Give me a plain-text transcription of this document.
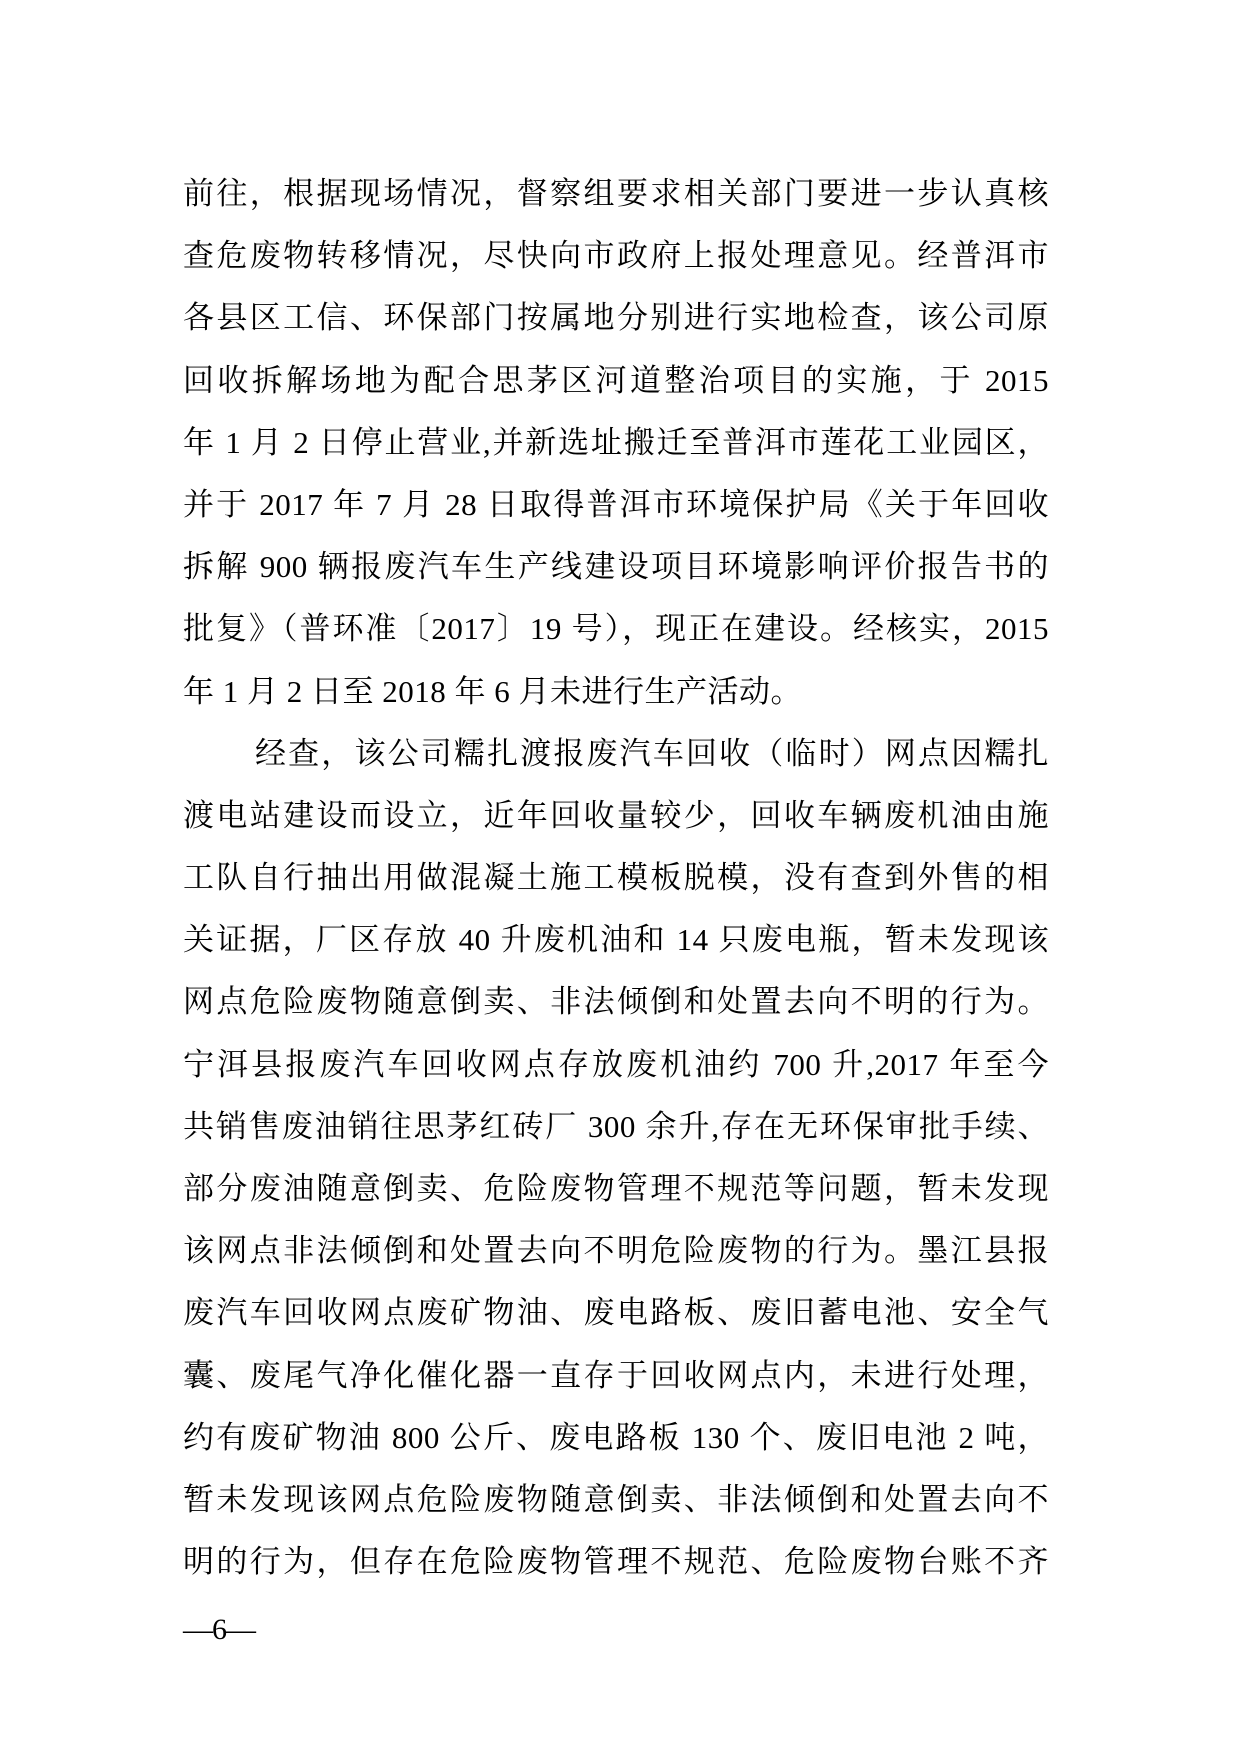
前往，根据现场情况，督察组要求相关部门要进一步认真核
查危废物转移情况，尽快向市政府上报处理意见。经普洱市
各县区工信、环保部门按属地分别进行实地检查，该公司原
回收拆解场地为配合思茅区河道整治项目的实施，于 2015
年 1 月 2 日停止营业,并新选址搬迁至普洱市莲花工业园区，
并于 2017 年 7 月 28 日取得普洱市环境保护局《关于年回收
拆解 900 辆报废汽车生产线建设项目环境影响评价报告书的
批复》（普环准〔2017〕19 号），现正在建设。经核实，2015
年 1 月 2 日至 2018 年 6 月未进行生产活动。
经查，该公司糯扎渡报废汽车回收（临时）网点因糯扎
渡电站建设而设立，近年回收量较少，回收车辆废机油由施
工队自行抽出用做混凝土施工模板脱模，没有查到外售的相
关证据，厂区存放 40 升废机油和 14 只废电瓶，暂未发现该
网点危险废物随意倒卖、非法倾倒和处置去向不明的行为。
宁洱县报废汽车回收网点存放废机油约 700 升,2017 年至今
共销售废油销往思茅红砖厂 300 余升,存在无环保审批手续、
部分废油随意倒卖、危险废物管理不规范等问题，暂未发现
该网点非法倾倒和处置去向不明危险废物的行为。墨江县报
废汽车回收网点废矿物油、废电路板、废旧蓄电池、安全气
囊、废尾气净化催化器一直存于回收网点内，未进行处理，
约有废矿物油 800 公斤、废电路板 130 个、废旧电池 2 吨，
暂未发现该网点危险废物随意倒卖、非法倾倒和处置去向不
明的行为，但存在危险废物管理不规范、危险废物台账不齐
—6—
